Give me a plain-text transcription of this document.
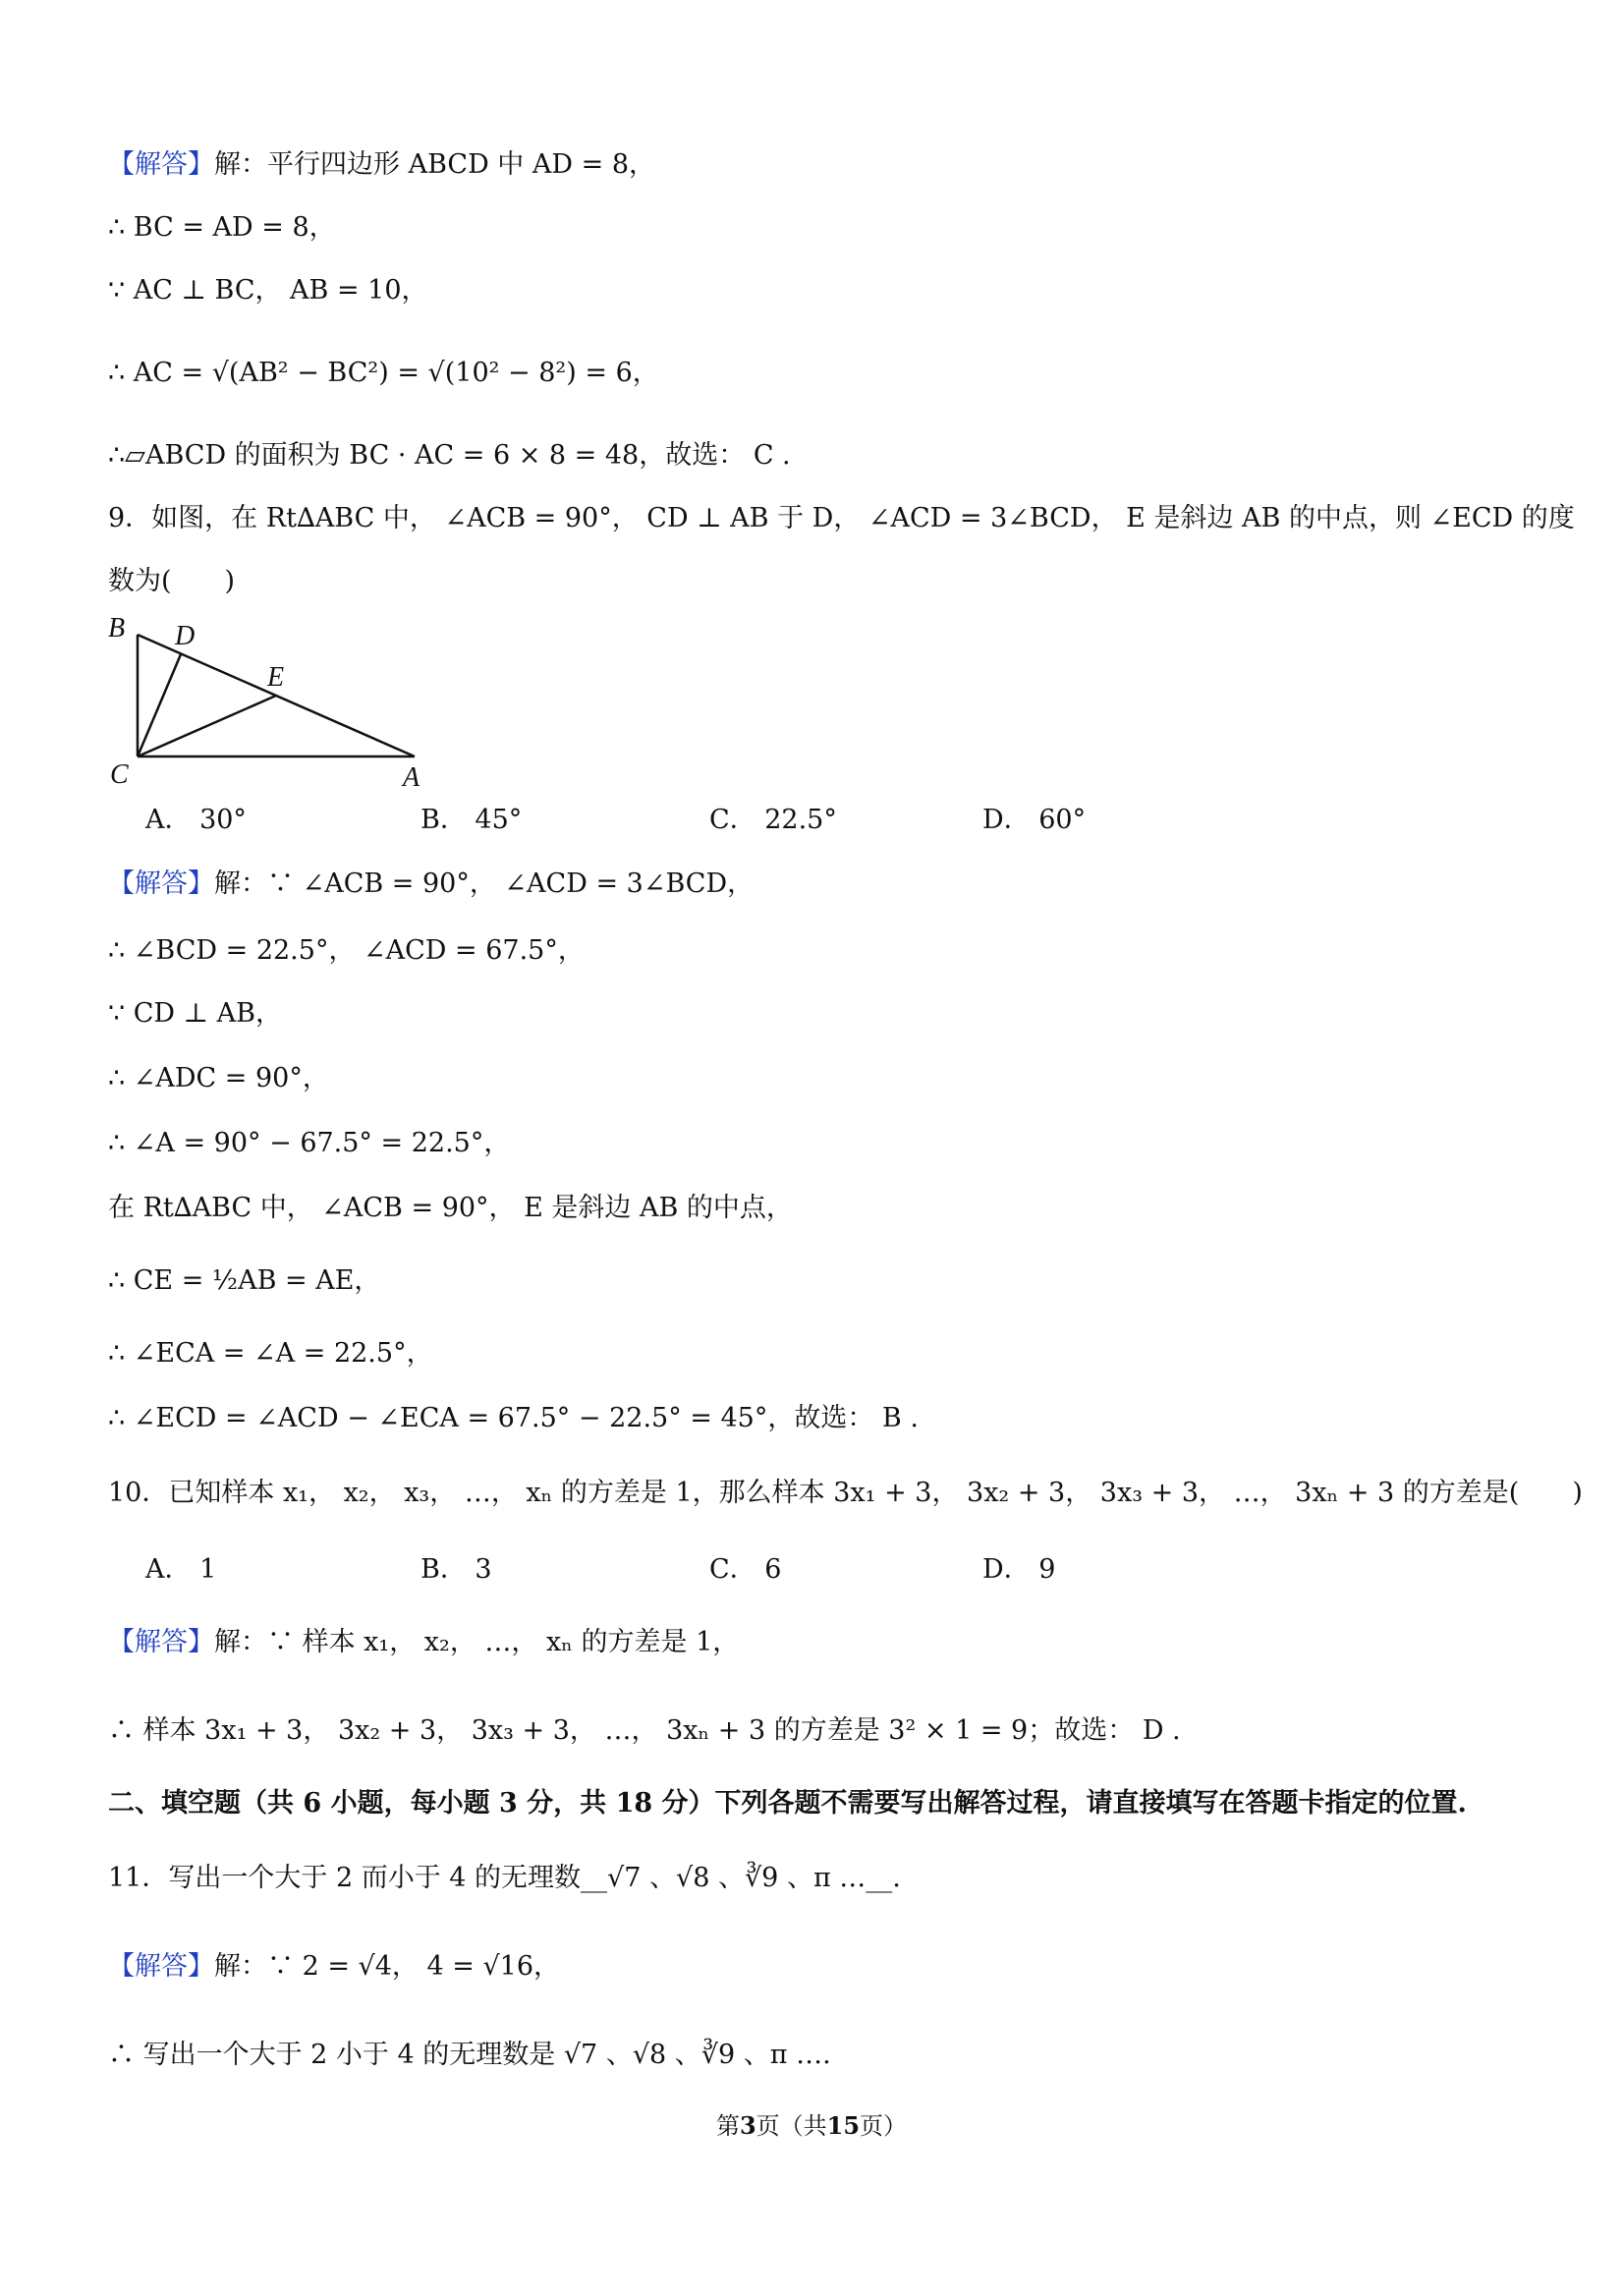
【解答】解：平行四边形 ABCD 中 AD = 8，
∴ BC = AD = 8，
∵ AC ⊥ BC， AB = 10，
∴ AC = √(AB² − BC²) = √(10² − 8²) = 6，
∴▱ABCD 的面积为 BC · AC = 6 × 8 = 48，故选： C .
9．如图，在 Rt∆ABC 中， ∠ACB = 90°， CD ⊥ AB 于 D， ∠ACD = 3∠BCD， E 是斜边 AB 的中点，则 ∠ECD 的度
数为(　　)
B D
E
C	A
A． 30°	B． 45°	C． 22.5°	D． 60°
【解答】解：∵ ∠ACB = 90°， ∠ACD = 3∠BCD，
∴ ∠BCD = 22.5°， ∠ACD = 67.5°，
∵ CD ⊥ AB，
∴ ∠ADC = 90°，
∴ ∠A = 90° − 67.5° = 22.5°，
在 Rt∆ABC 中， ∠ACB = 90°， E 是斜边 AB 的中点，
∴ CE = ½AB = AE，
∴ ∠ECA = ∠A = 22.5°，
∴ ∠ECD = ∠ACD − ∠ECA = 67.5° − 22.5° = 45°，故选： B .
10．已知样本 x₁， x₂， x₃， …， xₙ 的方差是 1，那么样本 3x₁ + 3， 3x₂ + 3， 3x₃ + 3， …， 3xₙ + 3 的方差是(　　)
A． 1	B． 3	C． 6	D． 9
【解答】解：∵ 样本 x₁， x₂， …， xₙ 的方差是 1，
∴ 样本 3x₁ + 3， 3x₂ + 3， 3x₃ + 3， …， 3xₙ + 3 的方差是 3² × 1 = 9；故选： D .
二、填空题（共 6 小题，每小题 3 分，共 18 分）下列各题不需要写出解答过程，请直接填写在答题卡指定的位置.
11．写出一个大于 2 而小于 4 的无理数__√7 、√8 、∛9 、π …__.
【解答】解：∵ 2 = √4， 4 = √16，
∴ 写出一个大于 2 小于 4 的无理数是 √7 、√8 、∛9 、π ….
第3页（共15页）
